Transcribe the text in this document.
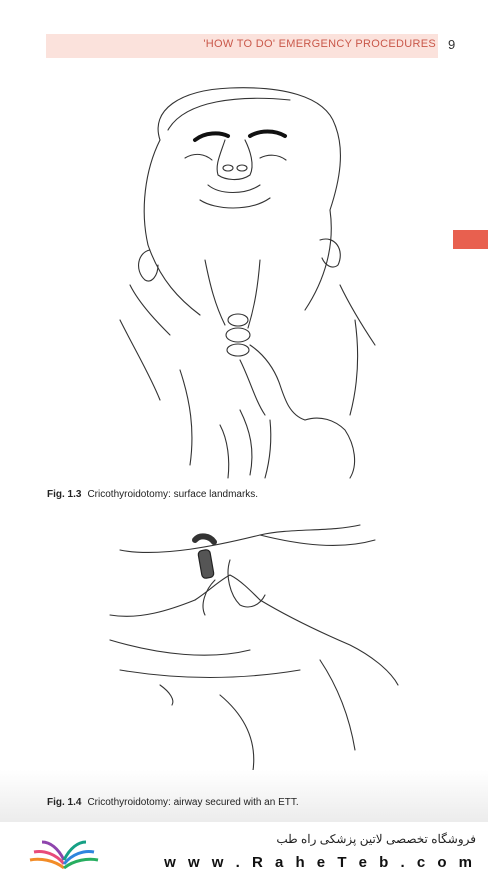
'HOW TO DO' EMERGENCY PROCEDURES 9
Fig. 1.3 Cricothyroidotomy: surface landmarks.
Fig. 1.4 Cricothyroidotomy: airway secured with an ETT.
فروشگاه تخصصی لاتین پزشکی راه طب
w w w . R a h e T e b . c o m
